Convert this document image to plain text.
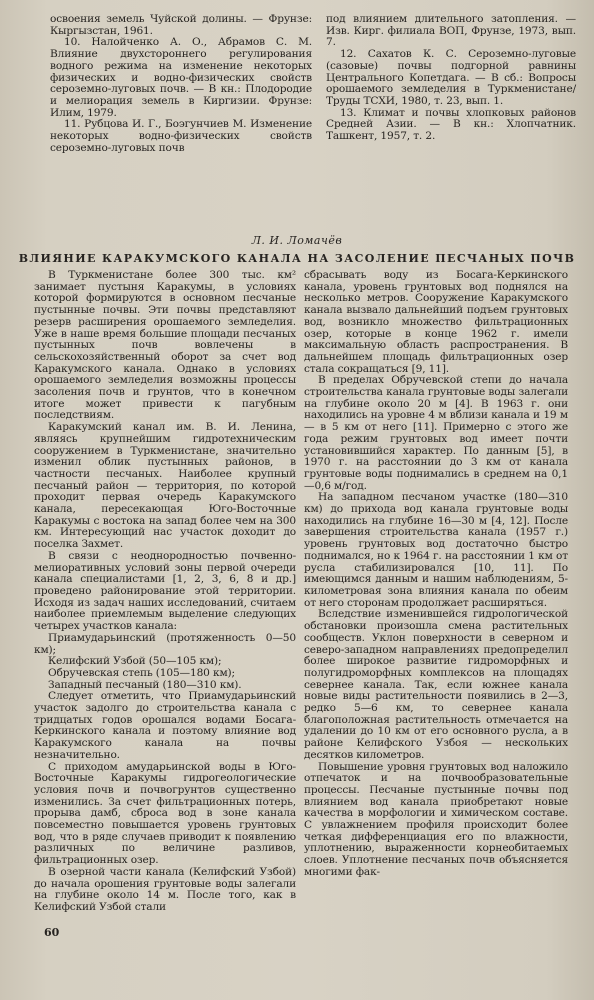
освоения земель Чуйской долины. — Фрунзе: Кыргызстан, 1961.

10. Налойченко А. О., Абрамов С. М. Влияние двухстороннего регулирования водного режима на изменение некоторых физических и водно-физических свойств сероземно-луговых почв. — В кн.: Плодородие и мелиорация земель в Киргизии. Фрунзе: Илим, 1979.

11. Рубцова И. Г., Боэгунчиев М. Изменение некоторых водно-физических свойств сероземно-луговых почв

под влиянием длительного затопления. — Изв. Кирг. филиала ВОП, Фрунзе, 1973, вып. 7.

12. Сахатов К. С. Сероземно-луговые (сазовые) почвы подгорной равнины Центрального Копетдага. — В сб.: Вопросы орошаемого земледелия в Туркменистане/Труды ТСХИ, 1980, т. 23, вып. 1.

13. Климат и почвы хлопковых районов Средней Азии. — В кн.: Хлопчатник. Ташкент, 1957, т. 2.

Л. И. Ломачёв
ВЛИЯНИЕ КАРАКУМСКОГО КАНАЛА НА ЗАСОЛЕНИЕ ПЕСЧАНЫХ ПОЧВ

В Туркменистане более 300 тыс. км² занимает пустыня Каракумы, в условиях которой формируются в основном песчаные пустынные почвы. Эти почвы представляют резерв расширения орошаемого земледелия. Уже в наше время большие площади песчаных пустынных почв вовлечены в сельскохозяйственный оборот за счет вод Каракумского канала. Однако в условиях орошаемого земледелия возможны процессы засоления почв и грунтов, что в конечном итоге может привести к пагубным последствиям.

Каракумский канал им. В. И. Ленина, являясь крупнейшим гидротехническим сооружением в Туркменистане, значительно изменил облик пустынных районов, в частности песчаных. Наиболее крупный песчаный район — территория, по которой проходит первая очередь Каракумского канала, пересекающая Юго-Восточные Каракумы с востока на запад более чем на 300 км. Интересующий нас участок доходит до поселка Захмет.

В связи с неоднородностью почвенно-мелиоративных условий зоны первой очереди канала специалистами [1, 2, 3, 6, 8 и др.] проведено районирование этой территории. Исходя из задач наших исследований, считаем наиболее приемлемым выделение следующих четырех участков канала:

Приамударьинский (протяженность 0—50 км);

Келифский Узбой (50—105 км);

Обручевская степь (105—180 км);

Западный песчаный (180—310 км).

Следует отметить, что Приамударьинский участок задолго до строительства канала с тридцатых годов орошался водами Босага-Керкинского канала и поэтому влияние вод Каракумского канала на почвы незначительно.

С приходом амударьинской воды в Юго-Восточные Каракумы гидрогеологические условия почв и почвогрунтов существенно изменились. За счет фильтрационных потерь, прорыва дамб, сброса вод в зоне канала повсеместно повышается уровень грунтовых вод, что в ряде случаев приводит к появлению различных по величине разливов, фильтрационных озер.

В озерной части канала (Келифский Узбой) до начала орошения грунтовые воды залегали на глубине около 14 м. После того, как в Келифский Узбой стали

сбрасывать воду из Босага-Керкинского канала, уровень грунтовых вод поднялся на несколько метров. Сооружение Каракумского канала вызвало дальнейший подъем грунтовых вод, возникло множество фильтрационных озер, которые в конце 1962 г. имели максимальную область распространения. В дальнейшем площадь фильтрационных озер стала сокращаться [9, 11].

В пределах Обручевской степи до начала строительства канала грунтовые воды залегали на глубине около 20 м [4]. В 1963 г. они находились на уровне 4 м вблизи канала и 19 м — в 5 км от него [11]. Примерно с этого же года режим грунтовых вод имеет почти установившийся характер. По данным [5], в 1970 г. на расстоянии до 3 км от канала грунтовые воды поднимались в среднем на 0,1—0,6 м/год.

На западном песчаном участке (180—310 км) до прихода вод канала грунтовые воды находились на глубине 16—30 м [4, 12]. После завершения строительства канала (1957 г.) уровень грунтовых вод достаточно быстро поднимался, но к 1964 г. на расстоянии 1 км от русла стабилизировался [10, 11]. По имеющимся данным и нашим наблюдениям, 5-километровая зона влияния канала по обеим от него сторонам продолжает расширяться.

Вследствие изменившейся гидрологической обстановки произошла смена растительных сообществ. Уклон поверхности в северном и северо-западном направлениях предопределил более широкое развитие гидроморфных и полугидроморфных комплексов на площадях севернее канала. Так, если южнее канала новые виды растительности появились в 2—3, редко 5—6 км, то севернее канала благоположная растительность отмечается на удалении до 10 км от его основного русла, а в районе Келифского Узбоя — нескольких десятков километров.

Повышение уровня грунтовых вод наложило отпечаток и на почвообразовательные процессы. Песчаные пустынные почвы под влиянием вод канала приобретают новые качества в морфологии и химическом составе. С увлажнением профиля происходит более четкая дифференциация его по влажности, уплотнению, выраженности корнеобитаемых слоев. Уплотнение песчаных почв объясняется многими фак-

60
